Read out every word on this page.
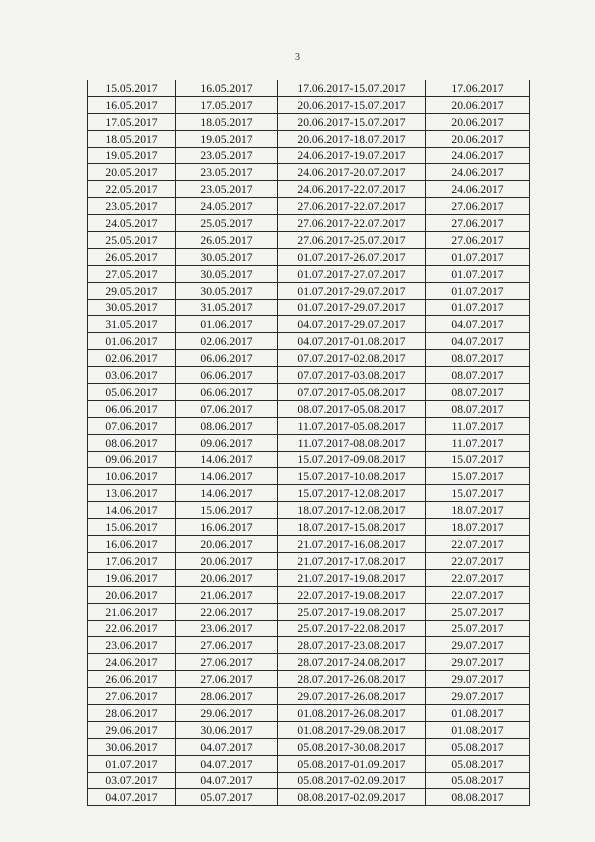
3
15.05.2017	16.05.2017	17.06.2017-15.07.2017	17.06.2017
16.05.2017	17.05.2017	20.06.2017-15.07.2017	20.06.2017
17.05.2017	18.05.2017	20.06.2017-15.07.2017	20.06.2017
18.05.2017	19.05.2017	20.06.2017-18.07.2017	20.06.2017
19.05.2017	23.05.2017	24.06.2017-19.07.2017	24.06.2017
20.05.2017	23.05.2017	24.06.2017-20.07.2017	24.06.2017
22.05.2017	23.05.2017	24.06.2017-22.07.2017	24.06.2017
23.05.2017	24.05.2017	27.06.2017-22.07.2017	27.06.2017
24.05.2017	25.05.2017	27.06.2017-22.07.2017	27.06.2017
25.05.2017	26.05.2017	27.06.2017-25.07.2017	27.06.2017
26.05.2017	30.05.2017	01.07.2017-26.07.2017	01.07.2017
27.05.2017	30.05.2017	01.07.2017-27.07.2017	01.07.2017
29.05.2017	30.05.2017	01.07.2017-29.07.2017	01.07.2017
30.05.2017	31.05.2017	01.07.2017-29.07.2017	01.07.2017
31.05.2017	01.06.2017	04.07.2017-29.07.2017	04.07.2017
01.06.2017	02.06.2017	04.07.2017-01.08.2017	04.07.2017
02.06.2017	06.06.2017	07.07.2017-02.08.2017	08.07.2017
03.06.2017	06.06.2017	07.07.2017-03.08.2017	08.07.2017
05.06.2017	06.06.2017	07.07.2017-05.08.2017	08.07.2017
06.06.2017	07.06.2017	08.07.2017-05.08.2017	08.07.2017
07.06.2017	08.06.2017	11.07.2017-05.08.2017	11.07.2017
08.06.2017	09.06.2017	11.07.2017-08.08.2017	11.07.2017
09.06.2017	14.06.2017	15.07.2017-09.08.2017	15.07.2017
10.06.2017	14.06.2017	15.07.2017-10.08.2017	15.07.2017
13.06.2017	14.06.2017	15.07.2017-12.08.2017	15.07.2017
14.06.2017	15.06.2017	18.07.2017-12.08.2017	18.07.2017
15.06.2017	16.06.2017	18.07.2017-15.08.2017	18.07.2017
16.06.2017	20.06.2017	21.07.2017-16.08.2017	22.07.2017
17.06.2017	20.06.2017	21.07.2017-17.08.2017	22.07.2017
19.06.2017	20.06.2017	21.07.2017-19.08.2017	22.07.2017
20.06.2017	21.06.2017	22.07.2017-19.08.2017	22.07.2017
21.06.2017	22.06.2017	25.07.2017-19.08.2017	25.07.2017
22.06.2017	23.06.2017	25.07.2017-22.08.2017	25.07.2017
23.06.2017	27.06.2017	28.07.2017-23.08.2017	29.07.2017
24.06.2017	27.06.2017	28.07.2017-24.08.2017	29.07.2017
26.06.2017	27.06.2017	28.07.2017-26.08.2017	29.07.2017
27.06.2017	28.06.2017	29.07.2017-26.08.2017	29.07.2017
28.06.2017	29.06.2017	01.08.2017-26.08.2017	01.08.2017
29.06.2017	30.06.2017	01.08.2017-29.08.2017	01.08.2017
30.06.2017	04.07.2017	05.08.2017-30.08.2017	05.08.2017
01.07.2017	04.07.2017	05.08.2017-01.09.2017	05.08.2017
03.07.2017	04.07.2017	05.08.2017-02.09.2017	05.08.2017
04.07.2017	05.07.2017	08.08.2017-02.09.2017	08.08.2017
